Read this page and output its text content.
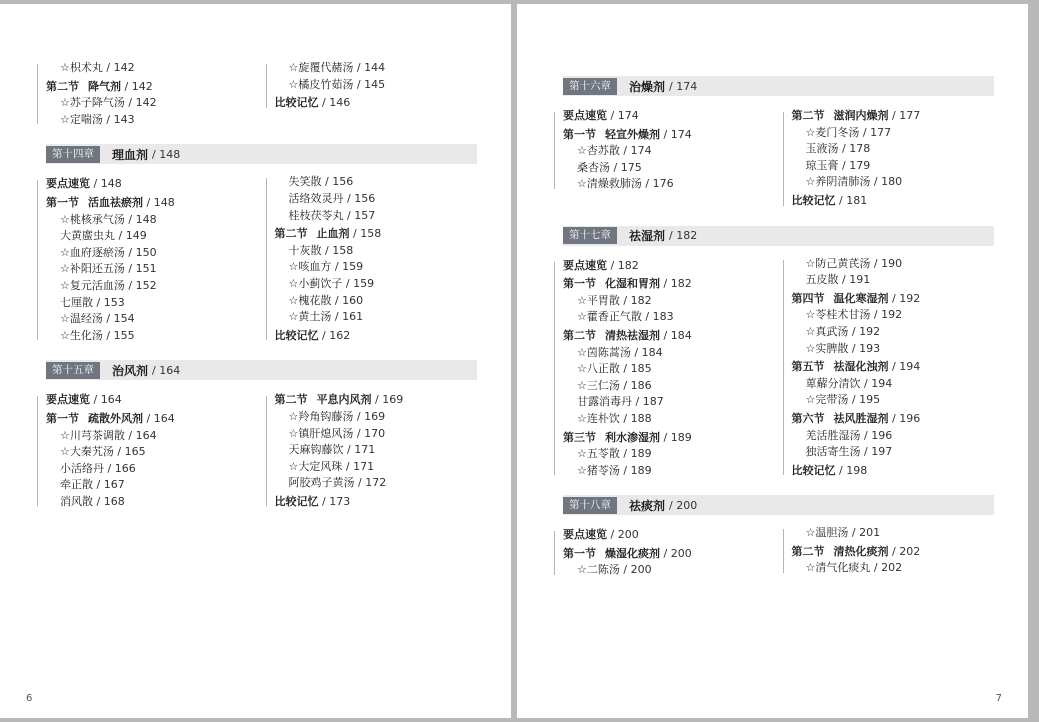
☆枳术丸 / 142
第二节 降气剂 / 142
☆苏子降气汤 / 142
☆定喘汤 / 143
☆旋覆代赭汤 / 144
☆橘皮竹茹汤 / 145
比较记忆 / 146
第十四章	理血剂 / 148
要点速览 / 148
第一节 活血祛瘀剂 / 148
☆桃核承气汤 / 148
大黄䗪虫丸 / 149
☆血府逐瘀汤 / 150
☆补阳还五汤 / 151
☆复元活血汤 / 152
七厘散 / 153
☆温经汤 / 154
☆生化汤 / 155
失笑散 / 156
活络效灵丹 / 156
桂枝茯苓丸 / 157
第二节 止血剂 / 158
十灰散 / 158
☆咳血方 / 159
☆小蓟饮子 / 159
☆槐花散 / 160
☆黄土汤 / 161
比较记忆 / 162
第十五章	治风剂 / 164
要点速览 / 164
第一节 疏散外风剂 / 164
☆川芎茶调散 / 164
☆大秦艽汤 / 165
小活络丹 / 166
牵正散 / 167
消风散 / 168
第二节 平息内风剂 / 169
☆羚角钩藤汤 / 169
☆镇肝熄风汤 / 170
天麻钩藤饮 / 171
☆大定风珠 / 171
阿胶鸡子黄汤 / 172
比较记忆 / 173
6
第十六章	治燥剂 / 174
要点速览 / 174
第一节 轻宣外燥剂 / 174
☆杏苏散 / 174
桑杏汤 / 175
☆清燥救肺汤 / 176
第二节 滋润内燥剂 / 177
☆麦门冬汤 / 177
玉液汤 / 178
琼玉膏 / 179
☆养阴清肺汤 / 180
比较记忆 / 181
第十七章	祛湿剂 / 182
要点速览 / 182
第一节 化湿和胃剂 / 182
☆平胃散 / 182
☆藿香正气散 / 183
第二节 清热祛湿剂 / 184
☆茵陈蒿汤 / 184
☆八正散 / 185
☆三仁汤 / 186
甘露消毒丹 / 187
☆连朴饮 / 188
第三节 利水渗湿剂 / 189
☆五苓散 / 189
☆猪苓汤 / 189
☆防己黄芪汤 / 190
五皮散 / 191
第四节 温化寒湿剂 / 192
☆苓桂术甘汤 / 192
☆真武汤 / 192
☆实脾散 / 193
第五节 祛湿化浊剂 / 194
萆薢分清饮 / 194
☆完带汤 / 195
第六节 祛风胜湿剂 / 196
羌活胜湿汤 / 196
独活寄生汤 / 197
比较记忆 / 198
第十八章	祛痰剂 / 200
要点速览 / 200
第一节 燥湿化痰剂 / 200
☆二陈汤 / 200
☆温胆汤 / 201
第二节 清热化痰剂 / 202
☆清气化痰丸 / 202
7
